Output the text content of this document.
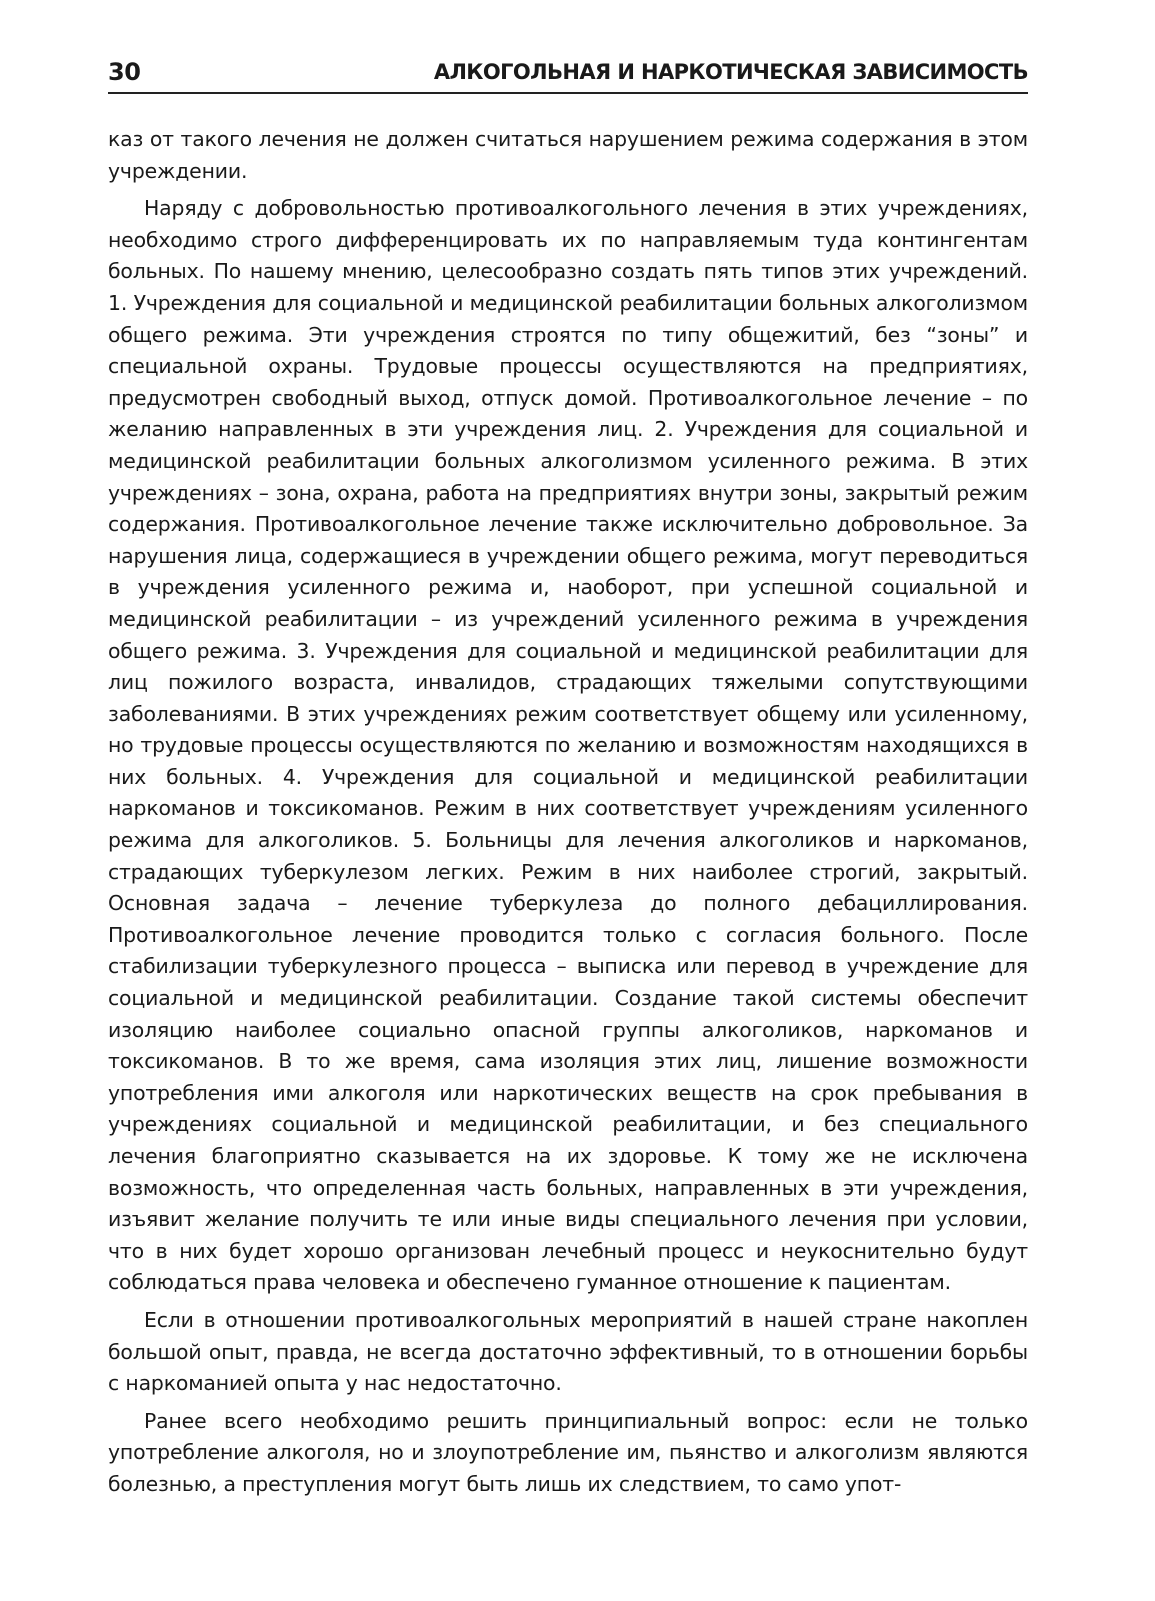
30	АЛКОГОЛЬНАЯ И НАРКОТИЧЕСКАЯ ЗАВИСИМОСТЬ

каз от такого лечения не должен считаться нарушением режима содержания в этом учреждении.

Наряду с добровольностью противоалкогольного лечения в этих учреждениях, необходимо строго дифференцировать их по направляемым туда контингентам больных. По нашему мнению, целесообразно создать пять типов этих учреждений. 1. Учреждения для социальной и медицинской реабилитации больных алкоголизмом общего режима. Эти учреждения строятся по типу общежитий, без “зоны” и специальной охраны. Трудовые процессы осуществляются на предприятиях, предусмотрен свободный выход, отпуск домой. Противоалкогольное лечение – по желанию направленных в эти учреждения лиц. 2. Учреждения для социальной и медицинской реабилитации больных алкоголизмом усиленного режима. В этих учреждениях – зона, охрана, работа на предприятиях внутри зоны, закрытый режим содержания. Противоалкогольное лечение также исключительно добровольное. За нарушения лица, содержащиеся в учреждении общего режима, могут переводиться в учреждения усиленного режима и, наоборот, при успешной социальной и медицинской реабилитации – из учреждений усиленного режима в учреждения общего режима. 3. Учреждения для социальной и медицинской реабилитации для лиц пожилого возраста, инвалидов, страдающих тяжелыми сопутствующими заболеваниями. В этих учреждениях режим соответствует общему или усиленному, но трудовые процессы осуществляются по желанию и возможностям находящихся в них больных. 4. Учреждения для социальной и медицинской реабилитации наркоманов и токсикоманов. Режим в них соответствует учреждениям усиленного режима для алкоголиков. 5. Больницы для лечения алкоголиков и наркоманов, страдающих туберкулезом легких. Режим в них наиболее строгий, закрытый. Основная задача – лечение туберкулеза до полного дебациллирования. Противоалкогольное лечение проводится только с согласия больного. После стабилизации туберкулезного процесса – выписка или перевод в учреждение для социальной и медицинской реабилитации. Создание такой системы обеспечит изоляцию наиболее социально опасной группы алкоголиков, наркоманов и токсикоманов. В то же время, сама изоляция этих лиц, лишение возможности употребления ими алкоголя или наркотических веществ на срок пребывания в учреждениях социальной и медицинской реабилитации, и без специального лечения благоприятно сказывается на их здоровье. К тому же не исключена возможность, что определенная часть больных, направленных в эти учреждения, изъявит желание получить те или иные виды специального лечения при условии, что в них будет хорошо организован лечебный процесс и неукоснительно будут соблюдаться права человека и обеспечено гуманное отношение к пациентам.

Если в отношении противоалкогольных мероприятий в нашей стране накоплен большой опыт, правда, не всегда достаточно эффективный, то в отношении борьбы с наркоманией опыта у нас недостаточно.

Ранее всего необходимо решить принципиальный вопрос: если не только употребление алкоголя, но и злоупотребление им, пьянство и алкоголизм являются болезнью, а преступления могут быть лишь их следствием, то само упот-
